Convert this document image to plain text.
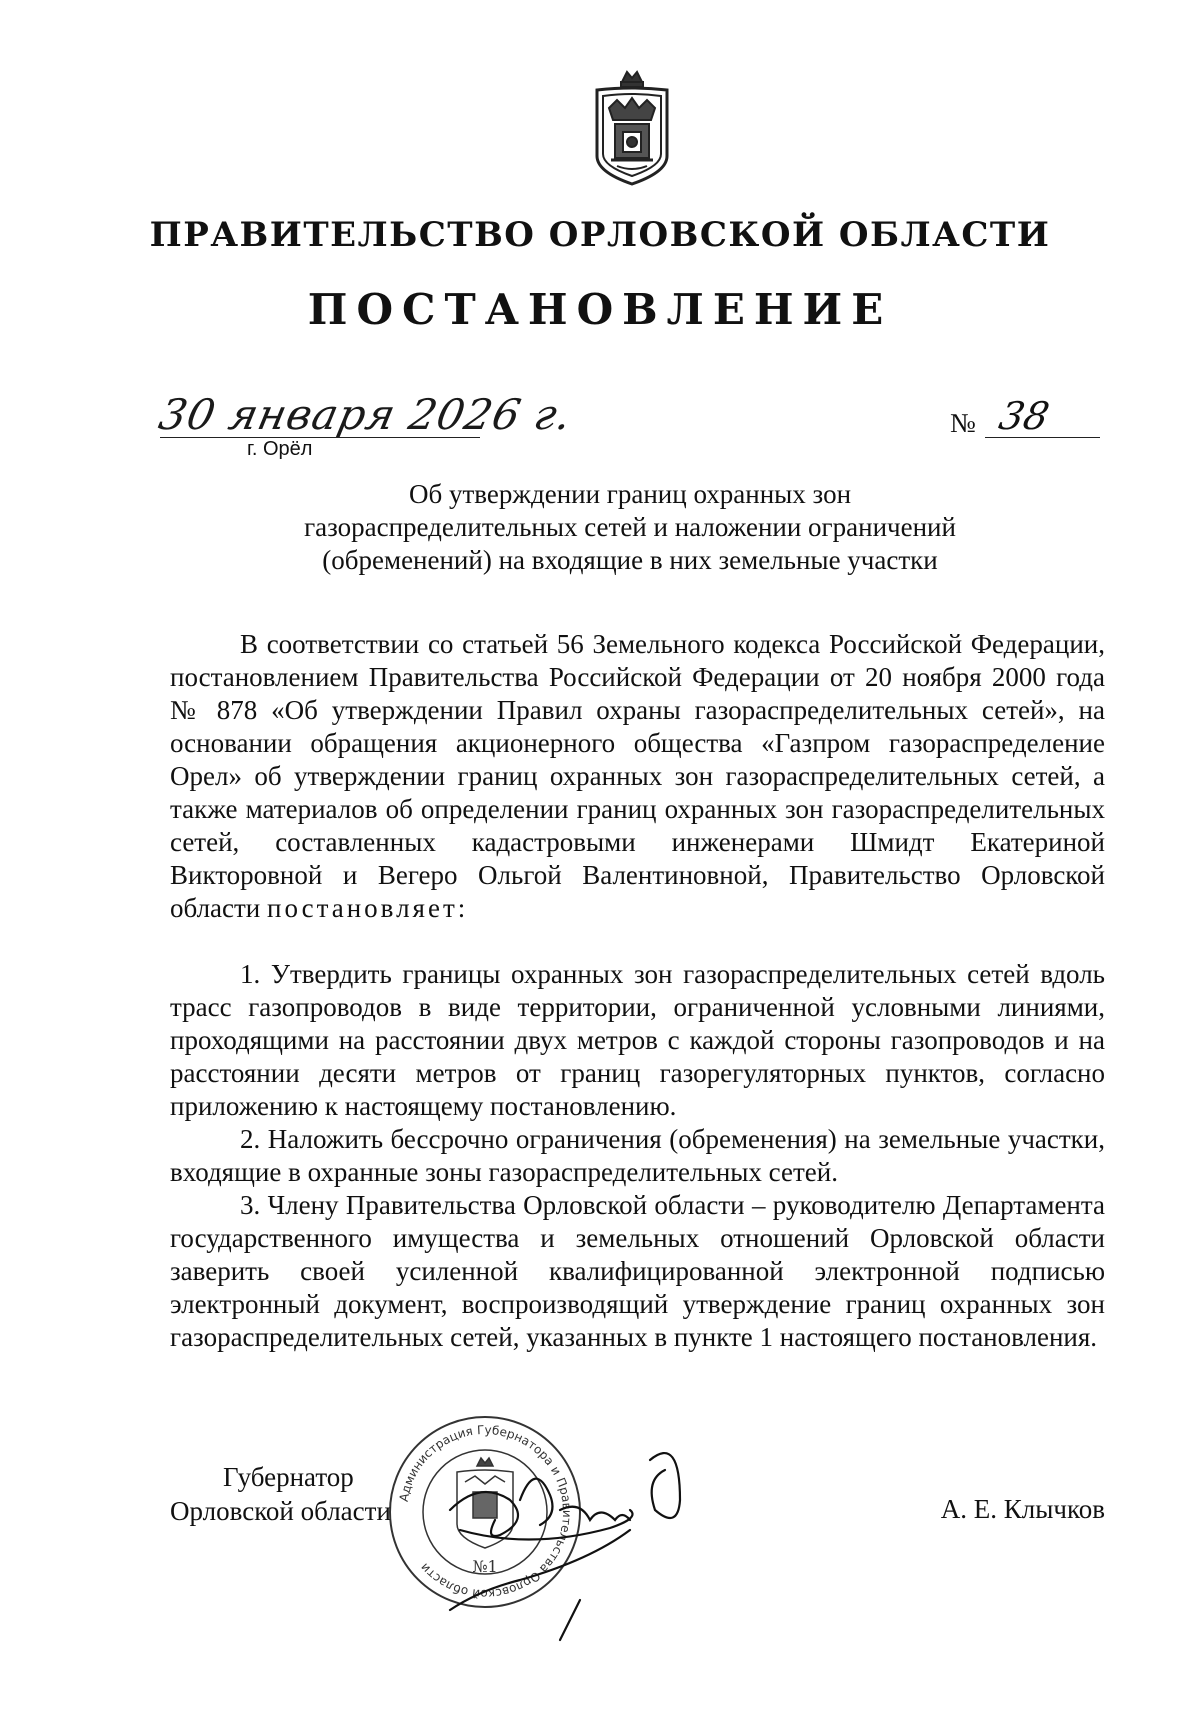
ПРАВИТЕЛЬСТВО ОРЛОВСКОЙ ОБЛАСТИ
ПОСТАНОВЛЕНИЕ
30 января 2026 г.
г. Орёл
№ 38
Об утверждении границ охранных зон
газораспределительных сетей и наложении ограничений
(обременений) на входящие в них земельные участки

В соответствии со статьей 56 Земельного кодекса Российской Федерации, постановлением Правительства Российской Федерации от 20 ноября 2000 года № 878 «Об утверждении Правил охраны газораспределительных сетей», на основании обращения акционерного общества «Газпром газораспределение Орел» об утверждении границ охранных зон газораспределительных сетей, а также материалов об определении границ охранных зон газораспределительных сетей, составленных кадастровыми инженерами Шмидт Екатериной Викторовной и Вегеро Ольгой Валентиновной, Правительство Орловской области постановляет:

1. Утвердить границы охранных зон газораспределительных сетей вдоль трасс газопроводов в виде территории, ограниченной условными линиями, проходящими на расстоянии двух метров с каждой стороны газопроводов и на расстоянии десяти метров от границ газорегуляторных пунктов, согласно приложению к настоящему постановлению.

2. Наложить бессрочно ограничения (обременения) на земельные участки, входящие в охранные зоны газораспределительных сетей.

3. Члену Правительства Орловской области – руководителю Департамента государственного имущества и земельных отношений Орловской области заверить своей усиленной квалифицированной электронной подписью электронный документ, воспроизводящий утверждение границ охранных зон газораспределительных сетей, указанных в пункте 1 настоящего постановления.

Администрация Губернатора и Правительства Орловской области	№1
Губернатор
Орловской области	А. Е. Клычков
